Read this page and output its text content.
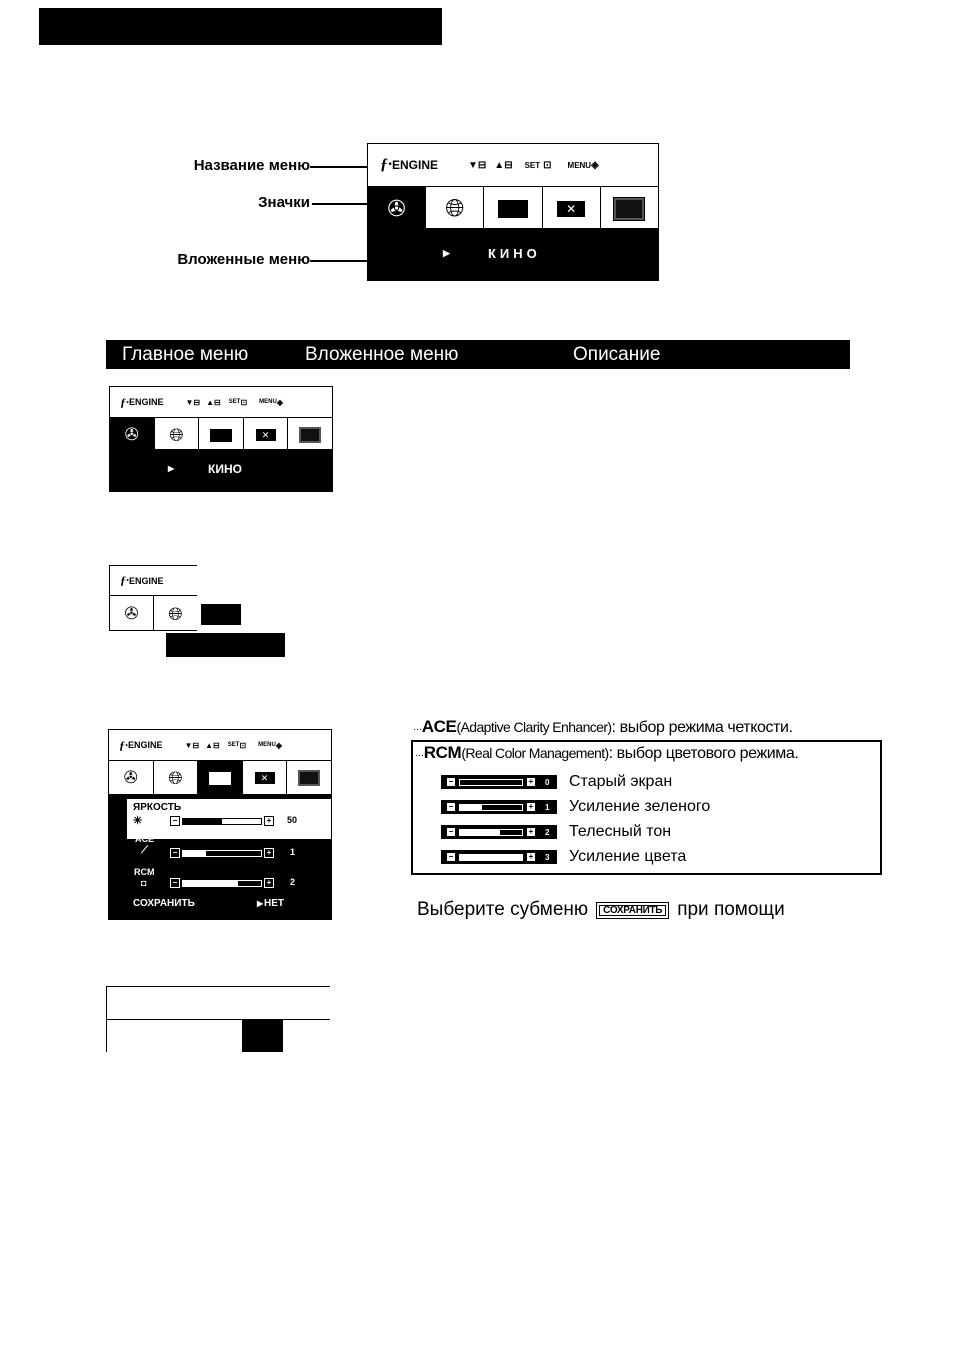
Название меню
Значки
Вложенные меню
ƒ· ENGINE	▼⊟ ▲⊟ SET ⊡ MENU ◈
✇ 🌐︎	✕
▶	КИНО
Главное меню	Вложенное меню	Описание
ƒ· ENGINE	▼⊟ ▲⊟ SET ⊡ MENU ◈
✇ 🌐︎	✕
▶	КИНО
ƒ· ENGINE
✇ 🌐︎
ƒ· ENGINE	▼⊟ ▲⊟ SET ⊡ MENU ◈
✇ 🌐︎	✕
ЯРКОСТЬ
✳	−	+ 50
ACE
⟋	−	+ 1
RCM
◘	−	+ 2
СОХРАНИТЬ	▶ НЕТ
···ACE(Adaptive Clarity Enhancer): выбор режима четкости.
···RCM(Real Color Management): выбор цветового режима.
−	+	0 Старый экран
−	+	1 Усиление зеленого
−	+	2 Телесный тон
−	+	3 Усиление цвета
Выберите субменю	СОХРАНИТЬ при помощи
